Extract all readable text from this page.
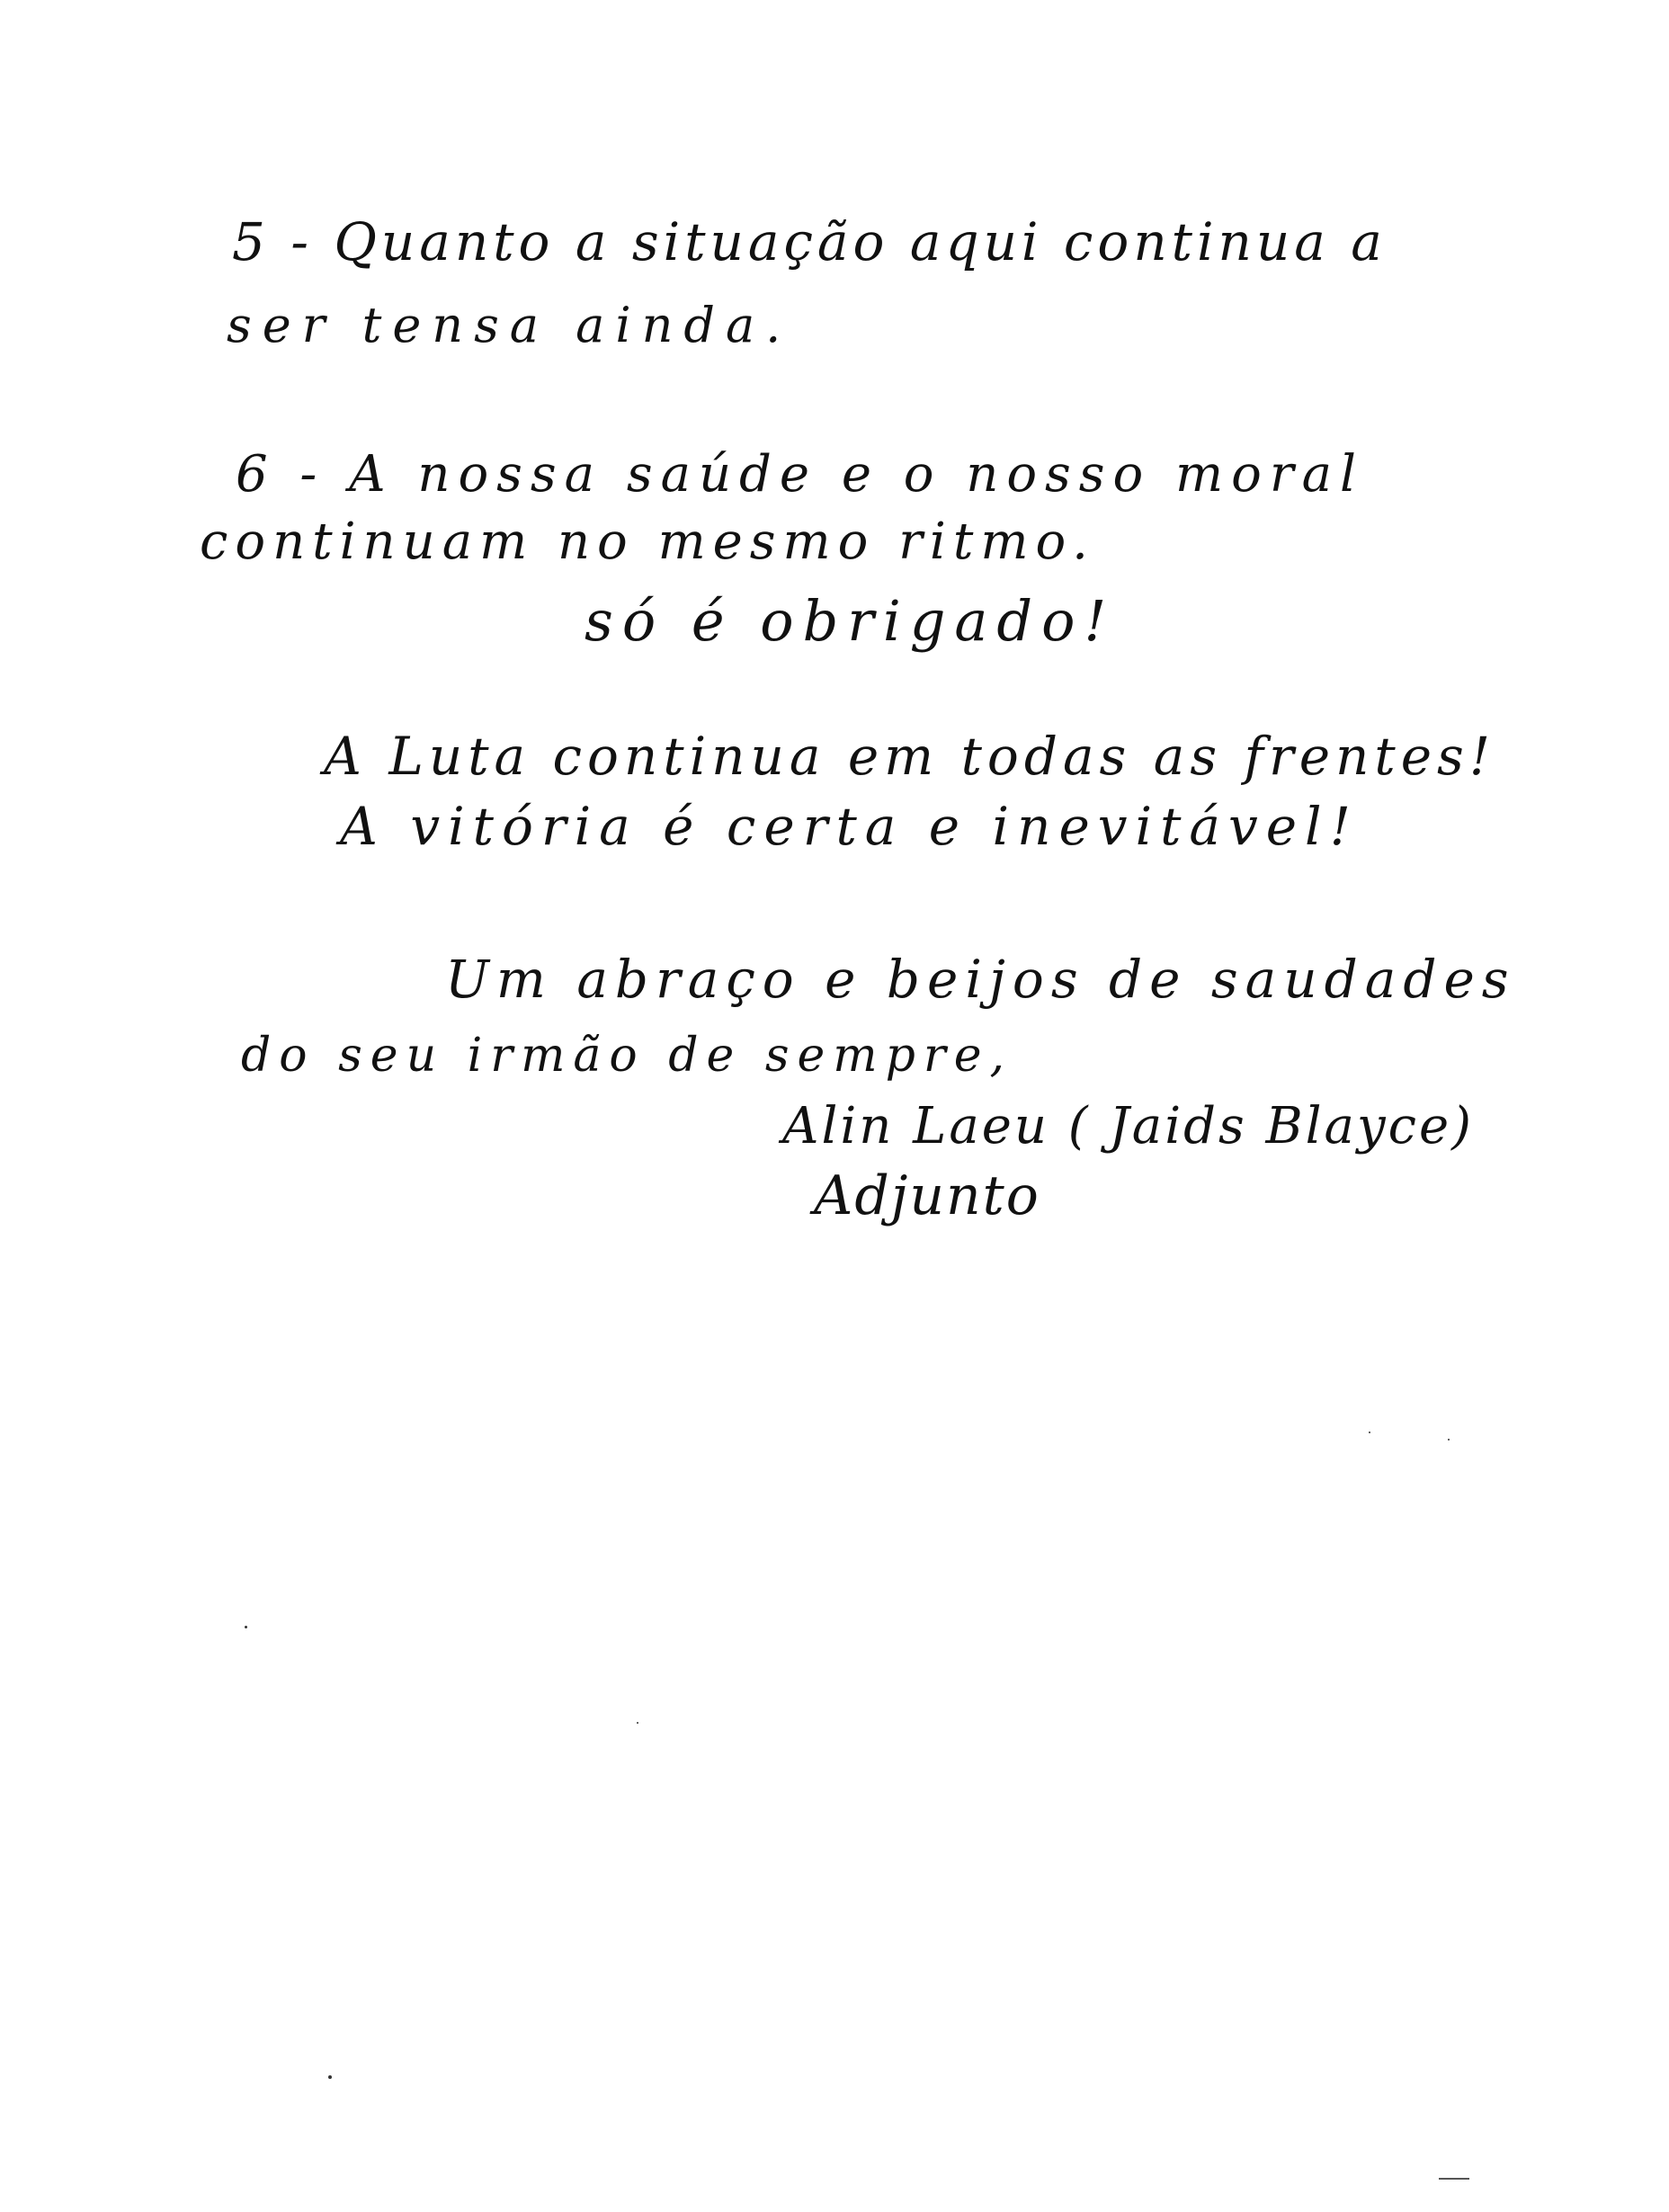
5 - Quanto a situação aqui continua a
ser tensa ainda.
6 - A nossa saúde e o nosso moral
continuam no mesmo ritmo.
só é obrigado!
A Luta continua em todas as frentes!
A vitória é certa e inevitável!
Um abraço e beijos de saudades
do seu irmão de sempre,
Alin Laeu ( Jaids Blayce)
Adjunto
